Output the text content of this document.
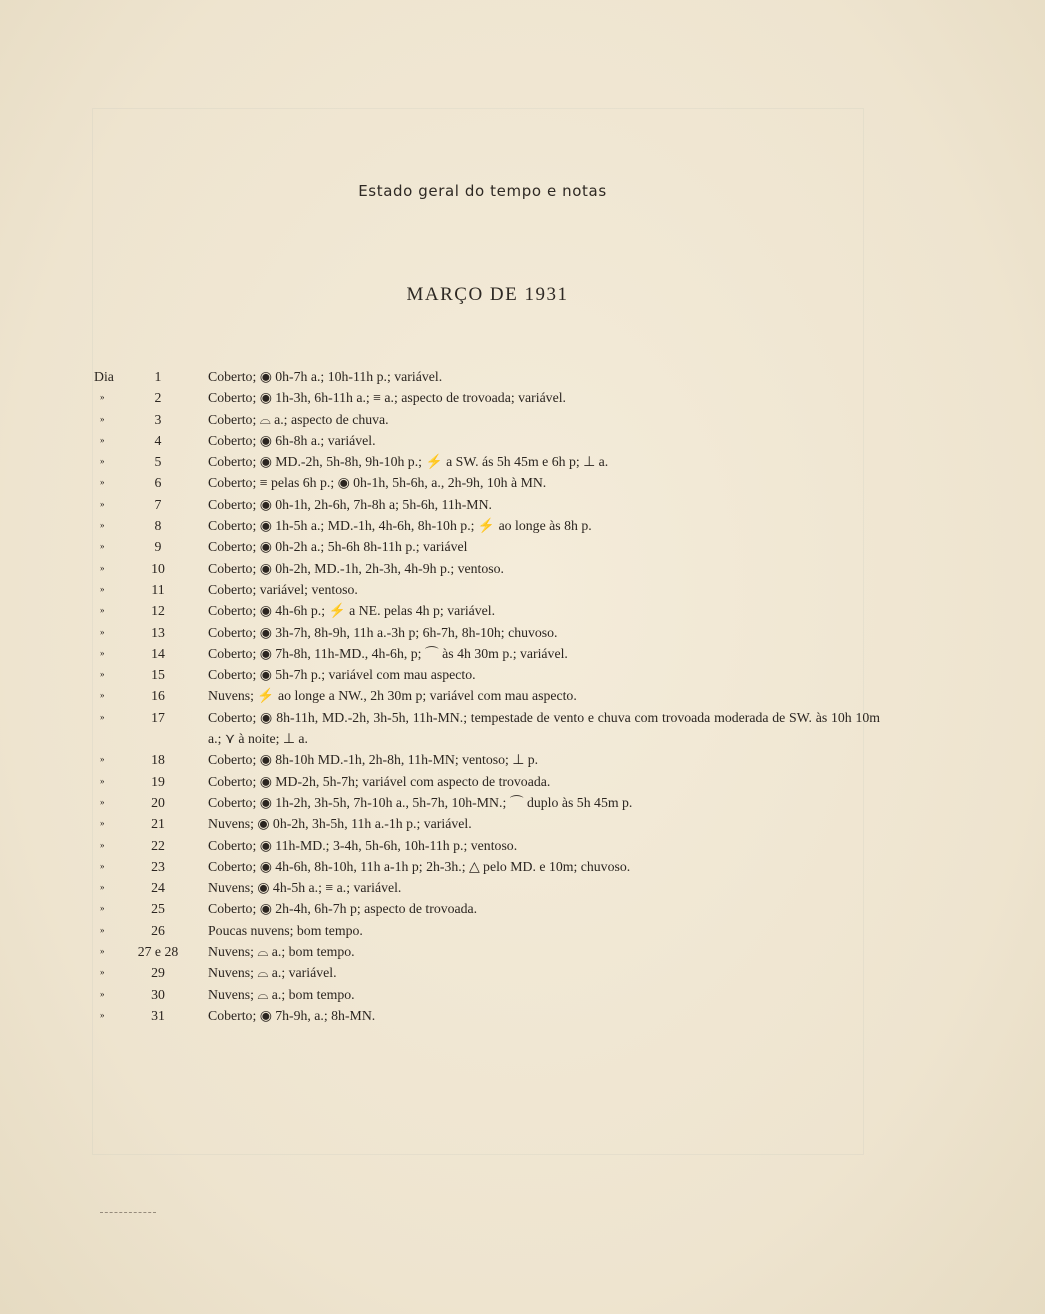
Estado geral do tempo e notas
MARÇO DE 1931
Dia	1	Coberto; ◉ 0h-7h a.; 10h-11h p.; variável.
»	2	Coberto; ◉ 1h-3h, 6h-11h a.; ≡ a.; aspecto de trovoada; variável.
»	3	Coberto; ⌓ a.; aspecto de chuva.
»	4	Coberto; ◉ 6h-8h a.; variável.
»	5	Coberto; ◉ MD.-2h, 5h-8h, 9h-10h p.; ⚡ a SW. ás 5h 45m e 6h p; ⊥ a.
»	6	Coberto; ≡ pelas 6h p.; ◉ 0h-1h, 5h-6h, a., 2h-9h, 10h à MN.
»	7	Coberto; ◉ 0h-1h, 2h-6h, 7h-8h a; 5h-6h, 11h-MN.
»	8	Coberto; ◉ 1h-5h a.; MD.-1h, 4h-6h, 8h-10h p.; ⚡ ao longe às 8h p.
»	9	Coberto; ◉ 0h-2h a.; 5h-6h 8h-11h p.; variável
»	10	Coberto; ◉ 0h-2h, MD.-1h, 2h-3h, 4h-9h p.; ventoso.
»	11	Coberto; variável; ventoso.
»	12	Coberto; ◉ 4h-6h p.; ⚡ a NE. pelas 4h p; variável.
»	13	Coberto; ◉ 3h-7h, 8h-9h, 11h a.-3h p; 6h-7h, 8h-10h; chuvoso.
»	14	Coberto; ◉ 7h-8h, 11h-MD., 4h-6h, p; ⌒ às 4h 30m p.; variável.
»	15	Coberto; ◉ 5h-7h p.; variável com mau aspecto.
»	16	Nuvens; ⚡ ao longe a NW., 2h 30m p; variável com mau aspecto.
»	17	Coberto; ◉ 8h-11h, MD.-2h, 3h-5h, 11h-MN.; tempestade de vento e chuva com trovoada moderada de SW. às 10h 10m a.; ⋎ à noite; ⊥ a.
»	18	Coberto; ◉ 8h-10h MD.-1h, 2h-8h, 11h-MN; ventoso; ⊥ p.
»	19	Coberto; ◉ MD-2h, 5h-7h; variável com aspecto de trovoada.
»	20	Coberto; ◉ 1h-2h, 3h-5h, 7h-10h a., 5h-7h, 10h-MN.; ⌒ duplo às 5h 45m p.
»	21	Nuvens; ◉ 0h-2h, 3h-5h, 11h a.-1h p.; variável.
»	22	Coberto; ◉ 11h-MD.; 3-4h, 5h-6h, 10h-11h p.; ventoso.
»	23	Coberto; ◉ 4h-6h, 8h-10h, 11h a-1h p; 2h-3h.; △ pelo MD. e 10m; chuvoso.
»	24	Nuvens; ◉ 4h-5h a.; ≡ a.; variável.
»	25	Coberto; ◉ 2h-4h, 6h-7h p; aspecto de trovoada.
»	26	Poucas nuvens; bom tempo.
»	27 e 28	Nuvens; ⌓ a.; bom tempo.
»	29	Nuvens; ⌓ a.; variável.
»	30	Nuvens; ⌓ a.; bom tempo.
»	31	Coberto; ◉ 7h-9h, a.; 8h-MN.
